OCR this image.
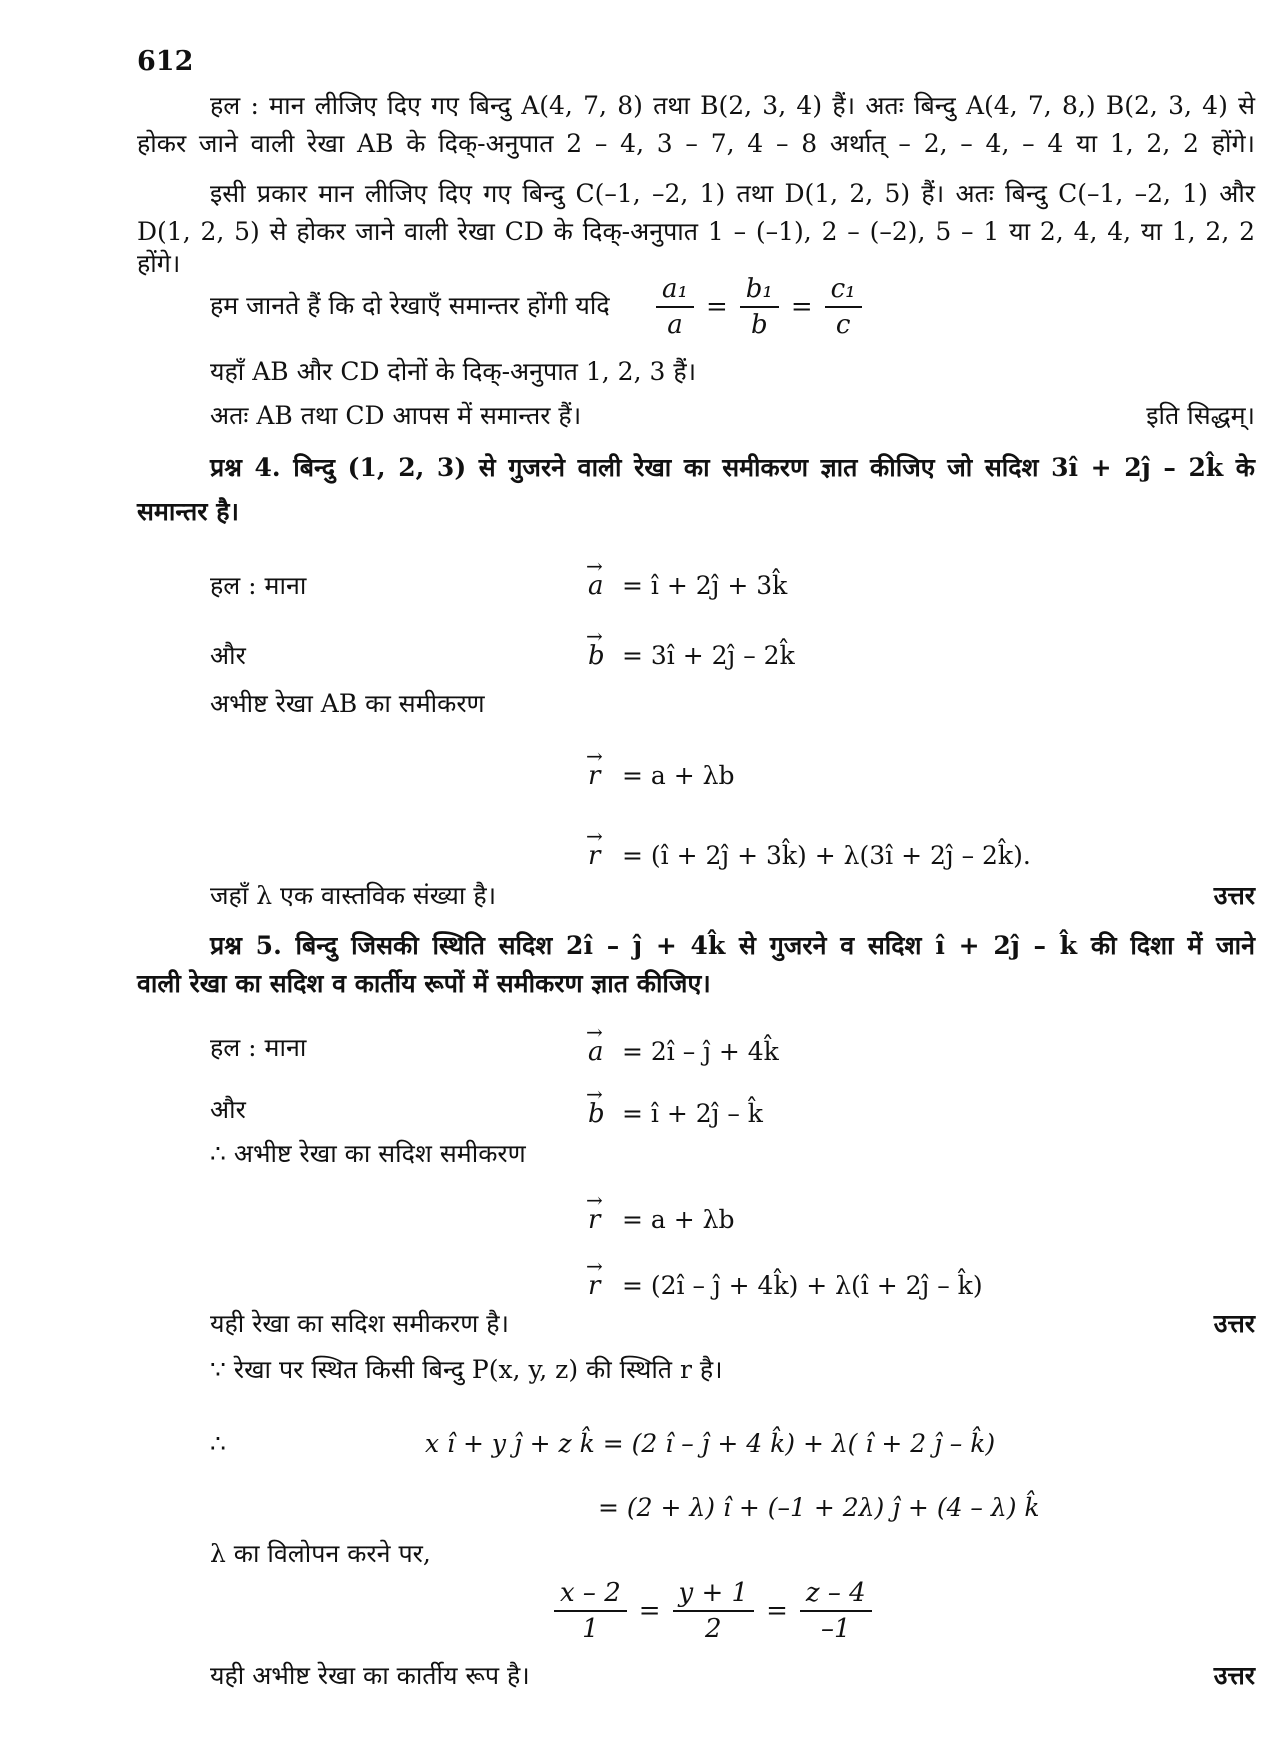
612
हल : मान लीजिए दिए गए बिन्दु A(4, 7, 8) तथा B(2, 3, 4) हैं। अतः बिन्दु A(4, 7, 8,) B(2, 3, 4) से
होकर जाने वाली रेखा AB के दिक्-अनुपात 2 – 4, 3 – 7, 4 – 8 अर्थात् – 2, – 4, – 4 या 1, 2, 2 होंगे।
इसी प्रकार मान लीजिए दिए गए बिन्दु C(–1, –2, 1) तथा D(1, 2, 5) हैं। अतः बिन्दु C(–1, –2, 1) और
D(1, 2, 5) से होकर जाने वाली रेखा CD के दिक्-अनुपात 1 – (–1), 2 – (–2), 5 – 1 या 2, 4, 4, या 1, 2, 2 होंगे।
हम जानते हैं कि दो रेखाएँ समान्तर होंगी यदि $\frac{\text{a₁}}{a} = \frac{\text{b₁}}{b} = \frac{\text{c₁}}{c}$
यहाँ AB और CD दोनों के दिक्-अनुपात 1, 2, 3 हैं।
अतः AB तथा CD आपस में समान्तर हैं।	इति सिद्धम्।
प्रश्न 4. बिन्दु (1, 2, 3) से गुजरने वाली रेखा का समीकरण ज्ञात कीजिए जो सदिश 3î + 2ĵ – 2k̂ के
समान्तर है।
हल : माना	→ a = î + 2ĵ + 3k̂
और	→ b = 3î + 2ĵ – 2k̂
अभीष्ट रेखा AB का समीकरण
→ r = a + λb
→ r = (î + 2ĵ + 3k̂) + λ(3î + 2ĵ – 2k̂).
जहाँ λ एक वास्तविक संख्या है।	उत्तर
प्रश्न 5. बिन्दु जिसकी स्थिति सदिश 2î – ĵ + 4k̂ से गुजरने व सदिश î + 2ĵ – k̂ की दिशा में जाने
वाली रेखा का सदिश व कार्तीय रूपों में समीकरण ज्ञात कीजिए।
हल : माना	→ a = 2î – ĵ + 4k̂
और	→ b = î + 2ĵ – k̂
∴ अभीष्ट रेखा का सदिश समीकरण
→ r = a + λb
→ r = (2î – ĵ + 4k̂) + λ(î + 2ĵ – k̂)
यही रेखा का सदिश समीकरण है।	उत्तर
∵ रेखा पर स्थित किसी बिन्दु P(x, y, z) की स्थिति r है।
∴	x î + y ĵ + z k̂ = (2 î – ĵ + 4 k̂) + λ( î + 2 ĵ – k̂)
= (2 + λ) î + (–1 + 2λ) ĵ + (4 – λ) k̂
λ का विलोपन करने पर,
$\frac{x - 2}{1} = \frac{y + 1}{2} = \frac{z - 4}{-1}$
यही अभीष्ट रेखा का कार्तीय रूप है।	उत्तर
